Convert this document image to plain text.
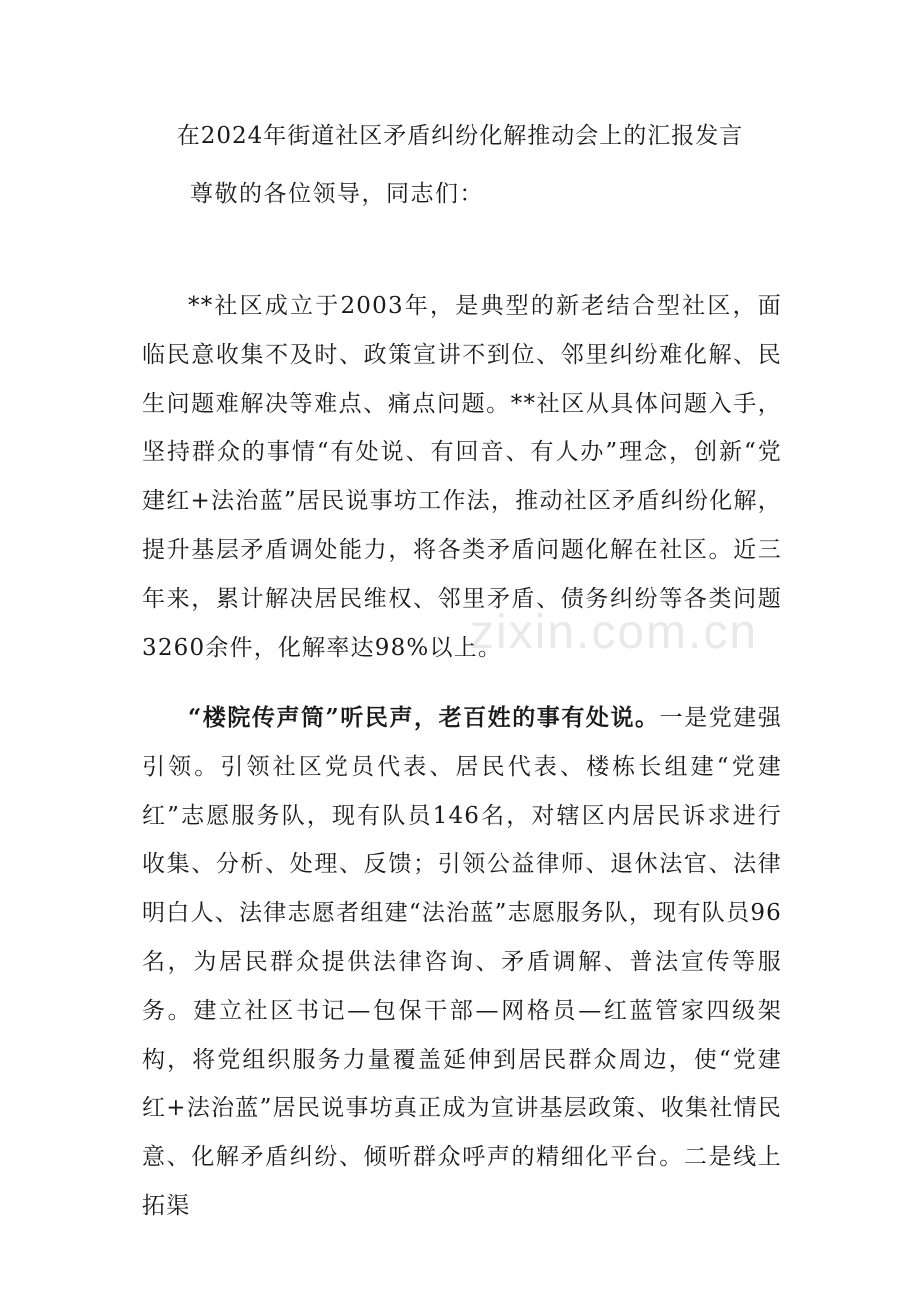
在2024年街道社区矛盾纠纷化解推动会上的汇报发言
尊敬的各位领导，同志们：
**社区成立于2003年，是典型的新老结合型社区，面临民意收集不及时、政策宣讲不到位、邻里纠纷难化解、民生问题难解决等难点、痛点问题。**社区从具体问题入手，坚持群众的事情“有处说、有回音、有人办”理念，创新“党建红+法治蓝”居民说事坊工作法，推动社区矛盾纠纷化解，提升基层矛盾调处能力，将各类矛盾问题化解在社区。近三年来，累计解决居民维权、邻里矛盾、债务纠纷等各类问题3260余件，化解率达98%以上。
“楼院传声筒”听民声，老百姓的事有处说。一是党建强引领。引领社区党员代表、居民代表、楼栋长组建“党建红”志愿服务队，现有队员146名，对辖区内居民诉求进行收集、分析、处理、反馈；引领公益律师、退休法官、法律明白人、法律志愿者组建“法治蓝”志愿服务队，现有队员96名，为居民群众提供法律咨询、矛盾调解、普法宣传等服务。建立社区书记—包保干部—网格员—红蓝管家四级架构，将党组织服务力量覆盖延伸到居民群众周边，使“党建红+法治蓝”居民说事坊真正成为宣讲基层政策、收集社情民意、化解矛盾纠纷、倾听群众呼声的精细化平台。二是线上拓渠
zixin.com.cn
